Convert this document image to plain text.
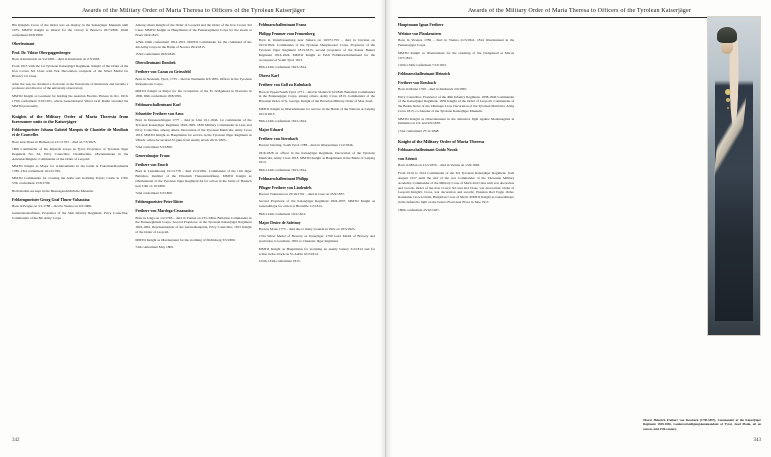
Awards of the Military Order of Maria Theresa to Officers of the Tyrolean Kaiserjäger

His Knight's Cross of the Order was on display in the Kaiserjäger Museum until 1975. MMTO Knight as Oberst for the victory at Bezecca 29/7/1866. 164th conferment 29/8/1866.

Oberleutnant
Prof. Dr. Viktor Oberguggenberger

Born in Innsbruck on 3/2/1893 – died in Innsbruck on 2/3/1963.

From 1915 with the 1st Tyrolean Kaiserjäger Regiment. Knight of the Order of the Iron Crown 3rd Class with War Decoration, recipient of the Silver Medal for Bravery 1st Class.

After the war, he obtained a doctorate at the University of Innsbruck and became a professor and director of the university observatory.

MMTO Knight as Leutnant for holding the Austrian Fuschio Plateau in Oct. 1916. 175th conferment 3/10/1931, where Generaloberst Viktor Graf Dankl awarded the MMTO personally.

Knights of the Military Order of Maria Theresia from forerunner units to the Kaiserjäger
Feldzeugmeister Johann Gabriel Marquis de Chasteler de Moulbais et de Courcelles

Born near Mons in Hainaut on 21/1/1763 – died on 7/5/1825.

1809 Commander of the imperial troops in Tyrol, Proprietor of Tyrolean Jäger Regiment No. 64, Privy Councillor, Chamberlain, Oberstleutnant in the Aerztenschlägerle, Commander of the Order of Leopold.

MMTO Knight as Major for achievements in the battle at Fokschan/Roumania 1789. 23rd conferment 19/12/1790.

MMTO Commander for crossing the Adda and storming Trezzo Castle in 1799. 57th conferment 15/9/1799.

Both medals are kept in the Heeresgeschichtliche Museum.

Feldzeugmeister Georg Graf Thurn-Valsassina

Born in Prague on 3/1/1788 – died in Vienna on 9/2/1866.

Generalstabsoffizier, Proprietor of the 34th Infantry Regiment, Privy Councillor, Commander of the 8th Army Corps.

Among others Knight of the Order of Leopold and the Order of the Iron Crown 3rd Class. MMTO Knight as Hauptmann of the Fenneregiment Corps for the attack at Feuer 29/4/1815.

125th-134th conferment 1814-1815. MMTO Commander for the command of the 4th Army Corps in the Battle of Novara 29/4/1815.

153rd conferment 29/6/1849.

Oberstleutnant Dombek
Freiherr von Cazan zu Griessfeld

Born in Neustadt, Tyrol, 1735 – died in Neumarkt 6/3/1835. Officer in the Tyrolean Sharpshooter Corps.

MMTO Knight as Major for the occupation of the Fo bridgehead in Piacenza in 1800. 66th conferment 18/8/1801.

Feldmarschalleutnant Karl
Schneider Freiherr von Arno

Born in Donaueschingen 1777 – died in Linz 16.1.1846. 1st commander of the Tyrolean Kaiserjäger Regiment 1816-1829. 1836 Military Commander in Linz and Privy Councillor, among others, Decoration of the Tyrolean Matricula, Army Cross 1813. MMTO Knight as Hauptmann for service in the Tyrolean Jäger Regiment in Villach, where he secured 52 guns from enemy attack 20/11/1805.

72nd conferment 3/3/1806.

Generalmajor Franz
Freiherr von Enoch

Born in Luxembourg 10/1/1778 – died 15/3/1861. Commander of the 11th Jäger Battalion, member of the Elisabeth Theresienstiftung. MMTO Knight as Oberleutnant of the Tyrolean Jäger Regiment 64 for action in the battle of Haslach near Ulm 11/10/1809.

72nd conferment 3/3/1806.

Feldzeugmeister Peter Ritter
Freiherr von Mardega-Cessanatico

Born in Laiga on 1/2/1783 – died in Vienna on 23/1/1864. Battalion Commander in the Fenneregiment Corps, Second Proprietor of the Tyrolean Kaiserjäger Regiment 1843-1861, Repräsentanteur of the Aerztenkalgarde, Privy Councillor, 1815 Knight of the Order of Leopold.

MMTO Knight as Oberleutnant for the storming of Dichlsberg 3/5/1809.

74th conferment May 1809.

Feldmarschalleutnant Franz
Philipp Femmer vom Fennenberg

Born in Unterfrauenburg near Suhern on 10/07/1759 – died in Jarvalan on 19/10/1824. Commander of the Tyrolean Sharpshooter Corps, Proprietor of the Tyrolean Jäger Regiment 1813-1815, second proprietor of the Kaiser Bunter Regiment 1816-1824. MMTO Knight as Feldt Feldmarschalleutnant for the reconquest of South Tyrol 1813.

89th-124th conferment 1813-1814.

Oberst Karl
Freiherr von Gall zu Kulmbach

Born in Eppan/South Tyrol 1771 – died in Vienna 9/12/1848. Battalion Commander in the Fenneregiger Corps, among others, Army Cross 1813, Commander of the Bavarian Order of St. George, Knight of the Bavarian Military Order of Max Josef.

MMTO Knight as Oberstleutnant for service in the Battle of the Nations at Leipzig 16/10/1813.

89th-124th conferment 1813-1814.

Major Eduard
Freiherr von Sternbach

Born in Sterzing, South Tyrol 1788 – died in Oberpettnau 11/2/1846.

1816-1828 as officer in the Kaiserjäger Regiment, Decoration of the Tyrolean Matricula, Army Cross 1813. MMTO Knight as Hauptmann in the Battle of Leipzig 1813.

89th-124th conferment 1813-1814.

Feldmarschalleutnant Philipp
Pfluger Freiherr von Lindenfels

Born in Trautenau on 23/10/1761 – died in Graz on 25/9/1837.

Second Proprietor of the Kaiserjäger Regiment 1824-1837. MMTO Knight as Generalmajor for action at Bionville 1/2/1814.

89th-124th conferment 10/2/1814.

Major Desire de Saletnoy

Born in Mons 1773 – died due to many wounds in Wels on 18/3/1825.

1794 Silver Medal of Bravery as Unterjäger, 1799 Gold Medal of Bravery and promotion to Leutnant, 1801 to Chasteler Jäger Regiment.

MMTO Knight as Hauptmann for storming an enemy battery 3/2/1814 and for action in the attack on St. Aubin 10/2/1814.

125th-134th conferment 1815.

342
Awards of the Military Order of Maria Theresa to Officers of the Tyrolean Kaiserjäger
Hauptmann Ignaz Freiherr
Welzine von Plankenstern

Born in Vicenza 1789 – died in Vienna 21/3/1841. 1814 Oberleutnant in the Fenneregiger Corps.

MMTO Knight as Oberleutnant for the storming of the bridgehead at Macon 10/7/1815.

125th-134th conferment 7/10/1815.

Feldmarschalleutnant Heinrich
Freiherr von Rossbach

Born in Mainz 1790 – died in Innsbruck 2/9/1867.

Privy Councillor, Proprietor of the 40th Infantry Regiment, 1838-1846 Commander of the Kaiserjäger Regiment, 1859 Knight of the Order of Leopold, Commander of the Baden Order of the Zähringer Lion, Decoration of the Tyrolean Matricula, Army Cross 1813, co-founder of the Tyrolean Kaiserjäger Museum.

MMTO Knight as Oberstleutnant in the defensive fight against Montenegrins in Dalmatia on 2.9. and 9/9/1838.

151st conferment 27/11/1848.

Knight of the Military Order of Maria Theresa
Feldmarschalleutnant Guido Novak
von Arienti

Born in Milan on 21/5/1859 – died in Vienna on 15/9/1928.

From 1910 to 1914 Commander of the 3rd Tyrolean Kaiserjäger Regiment, from August 1917 until the end of the war Commander of the Theresian Military Academy. Commander of the Military Cross of Merit 2nd Class with war decoration and swords, Order of the Iron Crown 3rd and 2nd Class, war decoration; Order of Leopold Knight's Cross, war decoration and swords; Prussian Red Eagle Order, Romanian Crown Order, Bulgarian Cross of Merit. MMTO Knight as Generalmajor in the defensive fight on the Isonzo Front near Plava in June 1917.

180th conferment 25/10/1927.

Oberst Heinrich Freiherr von Rossbach (1790-1867), Commander of the Kaiserjäger Regiment 1838-1846, Landesverteidigungskommandant of Tyrol, Josef Plank, oil on canvas, mid-19th century.
343
